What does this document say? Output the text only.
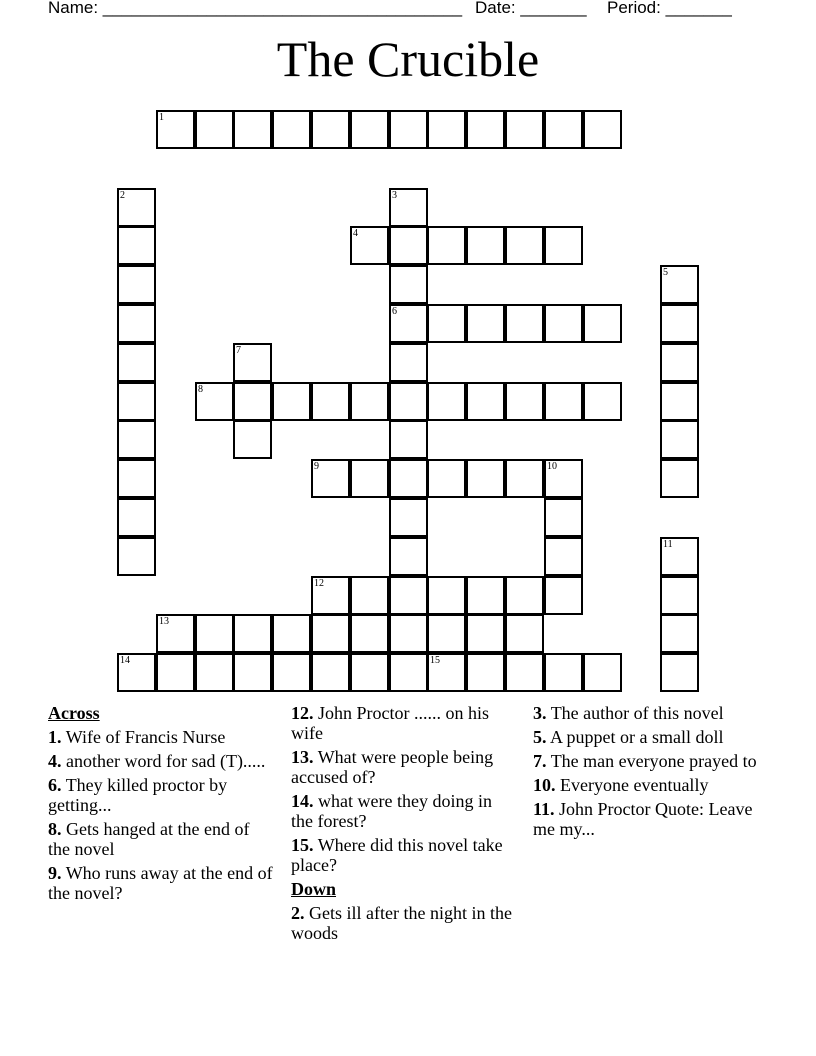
Name: ______________________________________ Date: _______ Period: _______
The Crucible
1
2	3
6
4
5
7
8
9	10
11
12
13
14	15
Across
1. Wife of Francis Nurse
4. another word for sad (T).....
6. They killed proctor by getting...
8. Gets hanged at the end of the novel
9. Who runs away at the end of the novel?
12. John Proctor ...... on his wife
13. What were people being accused of?
14. what were they doing in the forest?
15. Where did this novel take place?
Down
2. Gets ill after the night in the woods
3. The author of this novel
5. A puppet or a small doll
7. The man everyone prayed to
10. Everyone eventually
11. John Proctor Quote: Leave me my...
